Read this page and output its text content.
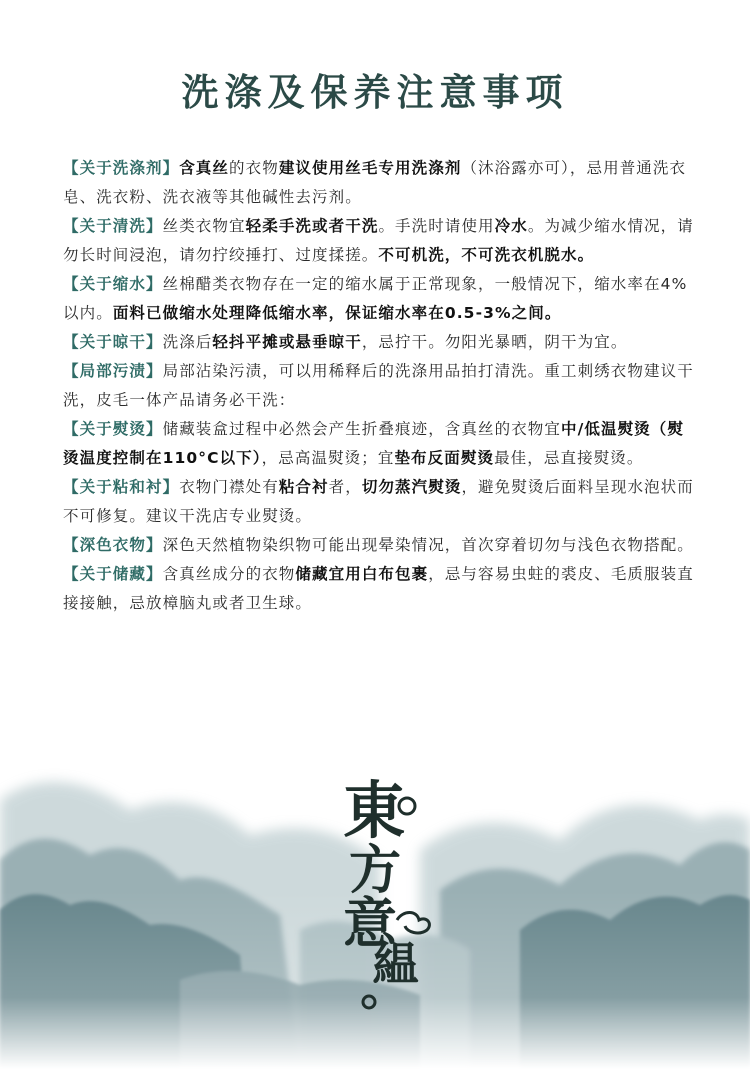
洗涤及保养注意事项

【关于洗涤剂】含真丝的衣物建议使用丝毛专用洗涤剂（沐浴露亦可），忌用普通洗衣皂、洗衣粉、洗衣液等其他碱性去污剂。

【关于清洗】丝类衣物宜轻柔手洗或者干洗。手洗时请使用冷水。为减少缩水情况，请勿长时间浸泡，请勿拧绞捶打、过度揉搓。不可机洗，不可洗衣机脱水。

【关于缩水】丝棉醋类衣物存在一定的缩水属于正常现象，一般情况下，缩水率在4%以内。面料已做缩水处理降低缩水率，保证缩水率在0.5-3%之间。

【关于晾干】洗涤后轻抖平摊或悬垂晾干，忌拧干。勿阳光暴晒，阴干为宜。

【局部污渍】局部沾染污渍，可以用稀释后的洗涤用品拍打清洗。重工刺绣衣物建议干洗，皮毛一体产品请务必干洗：

【关于熨烫】储藏装盒过程中必然会产生折叠痕迹，含真丝的衣物宜中/低温熨烫（熨烫温度控制在110°C以下），忌高温熨烫；宜垫布反面熨烫最佳，忌直接熨烫。

【关于粘和衬】衣物门襟处有粘合衬者，切勿蒸汽熨烫，避免熨烫后面料呈现水泡状而不可修复。建议干洗店专业熨烫。

【深色衣物】深色天然植物染织物可能出现晕染情况，首次穿着切勿与浅色衣物搭配。

【关于储藏】含真丝成分的衣物储藏宜用白布包裹，忌与容易虫蛀的裘皮、毛质服装直接接触，忌放樟脑丸或者卫生球。

東
方
意
緼
